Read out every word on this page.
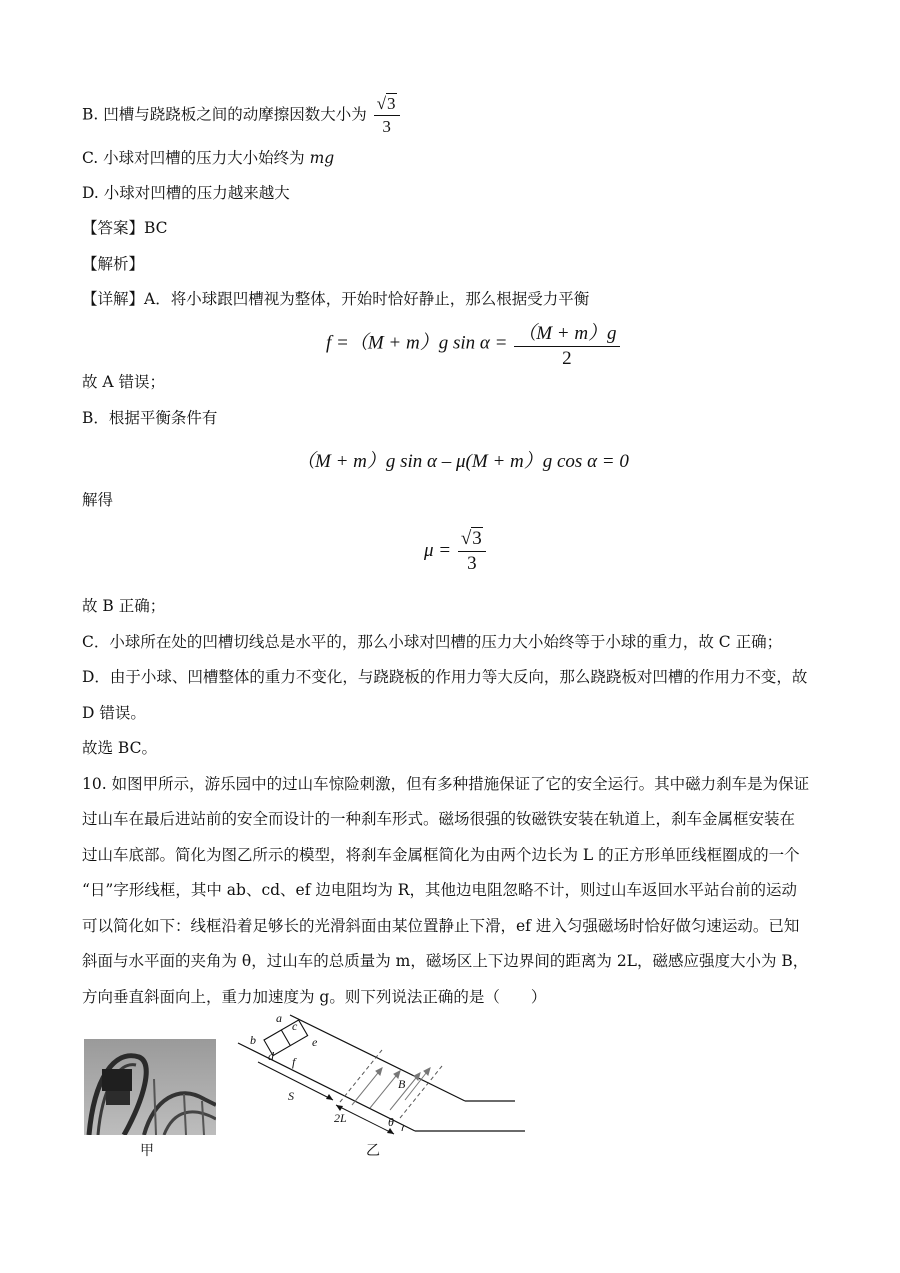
B. 凹槽与跷跷板之间的动摩擦因数大小为 $\frac{√3}{3}$
C. 小球对凹槽的压力大小始终为 mg
D. 小球对凹槽的压力越来越大
【答案】BC
【解析】
【详解】A．将小球跟凹槽视为整体，开始时恰好静止，那么根据受力平衡
f =（M + m）g $\sin \alpha = \frac{(M + m)g}{2}$
故 A 错误；
B．根据平衡条件有
（M + m）g sin α – μ(M + m）g cos α = 0
解得
$\mu = \frac{√3}{3}$
故 B 正确；
C．小球所在处的凹槽切线总是水平的，那么小球对凹槽的压力大小始终等于小球的重力，故 C 正确；
D．由于小球、凹槽整体的重力不变化，与跷跷板的作用力等大反向，那么跷跷板对凹槽的作用力不变，故
D 错误。
故选 BC。
10. 如图甲所示，游乐园中的过山车惊险刺激，但有多种措施保证了它的安全运行。其中磁力刹车是为保证
过山车在最后进站前的安全而设计的一种刹车形式。磁场很强的钕磁铁安装在轨道上，刹车金属框安装在
过山车底部。简化为图乙所示的模型，将刹车金属框简化为由两个边长为 L 的正方形单匝线框圈成的一个
“日”字形线框，其中 ab、cd、ef 边电阻均为 R，其他边电阻忽略不计，则过山车返回水平站台前的运动
可以简化如下：线框沿着足够长的光滑斜面由某位置静止下滑，ef 进入匀强磁场时恰好做匀速运动。已知
斜面与水平面的夹角为 θ，过山车的总质量为 m，磁场区上下边界间的距离为 2L，磁感应强度大小为 B，
方向垂直斜面向上，重力加速度为 g。则下列说法正确的是（　　）
甲
a
c
b	e
d f
B
S
2L	θ
乙
